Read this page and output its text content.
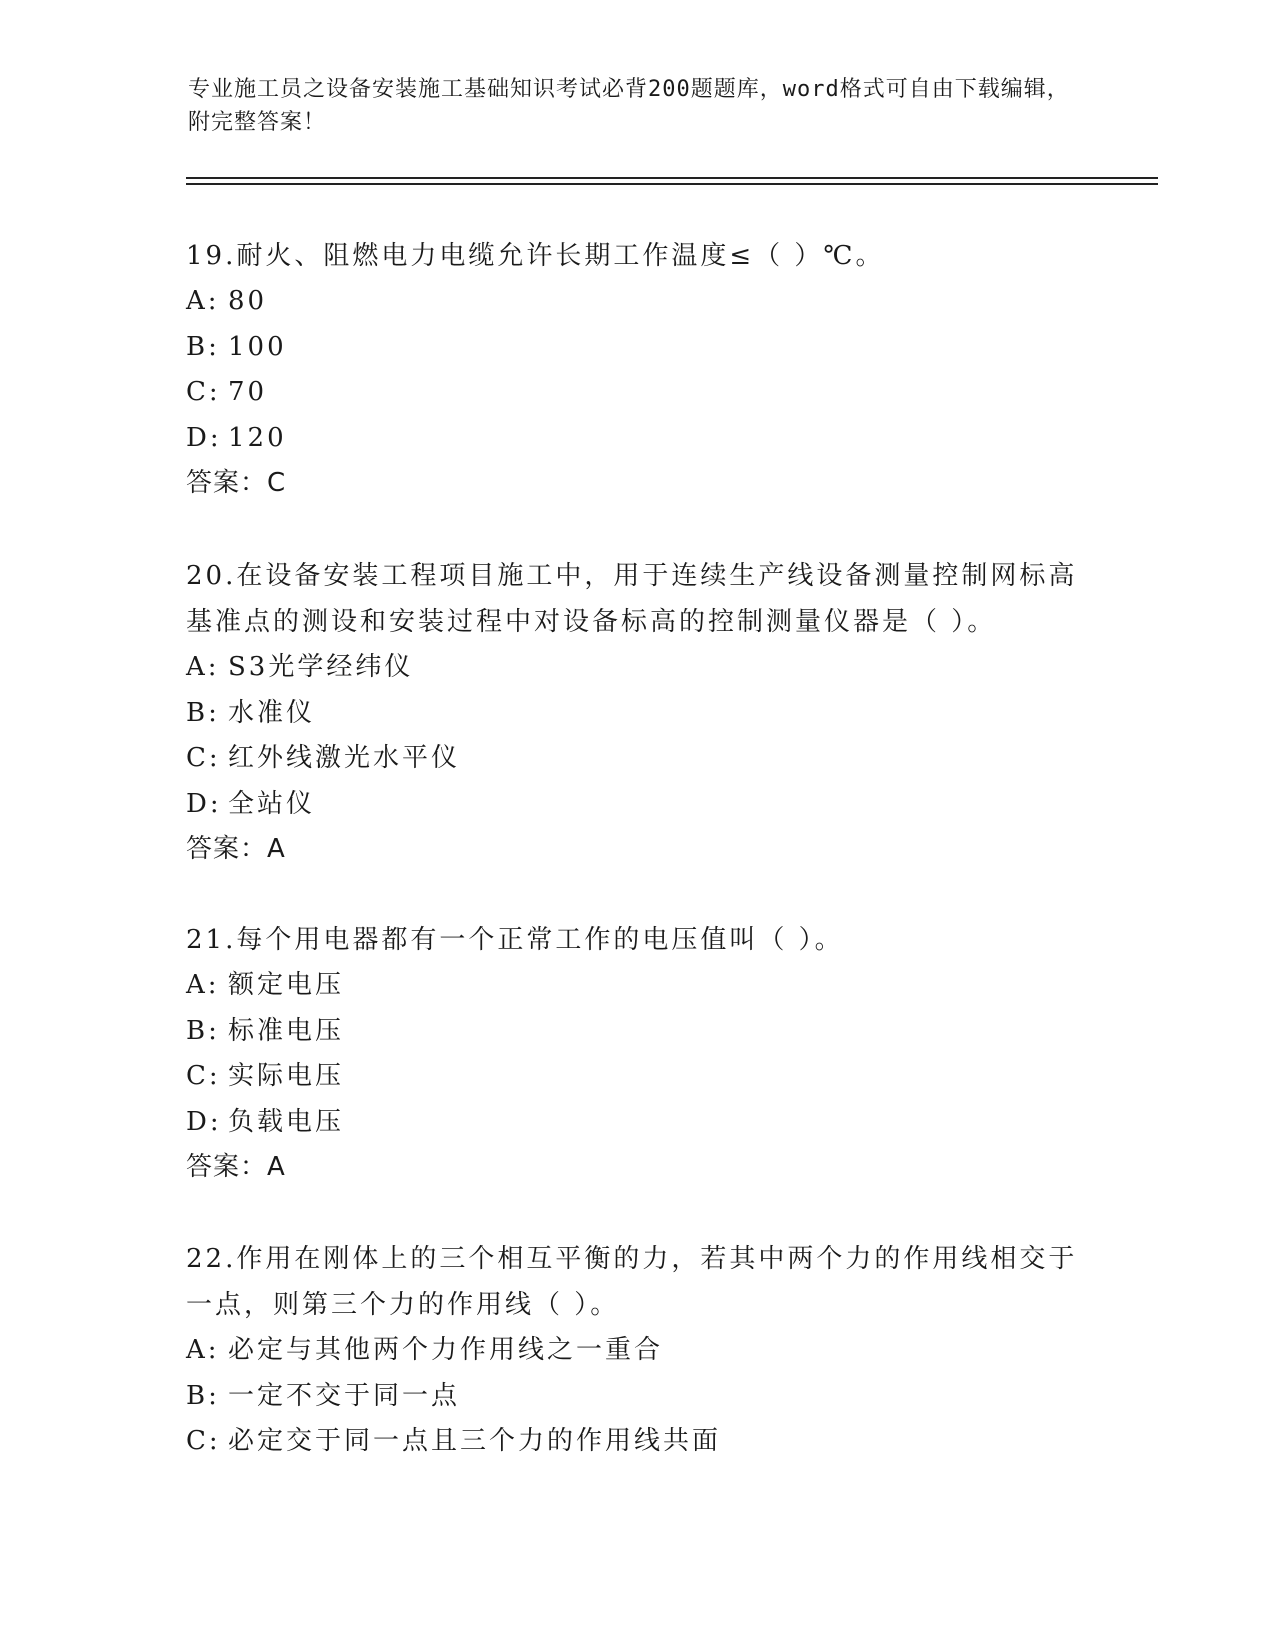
专业施工员之设备安装施工基础知识考试必背200题题库，word格式可自由下载编辑，附完整答案！
19.耐火、阻燃电力电缆允许长期工作温度≤（ ）℃。
A: 80
B: 100
C: 70
D: 120
答案：C
20.在设备安装工程项目施工中，用于连续生产线设备测量控制网标高基准点的测设和安装过程中对设备标高的控制测量仪器是（ ）。
A: S3光学经纬仪
B: 水准仪
C: 红外线激光水平仪
D: 全站仪
答案：A
21.每个用电器都有一个正常工作的电压值叫（ ）。
A: 额定电压
B: 标准电压
C: 实际电压
D: 负载电压
答案：A
22.作用在刚体上的三个相互平衡的力，若其中两个力的作用线相交于一点，则第三个力的作用线（ ）。
A: 必定与其他两个力作用线之一重合
B: 一定不交于同一点
C: 必定交于同一点且三个力的作用线共面
